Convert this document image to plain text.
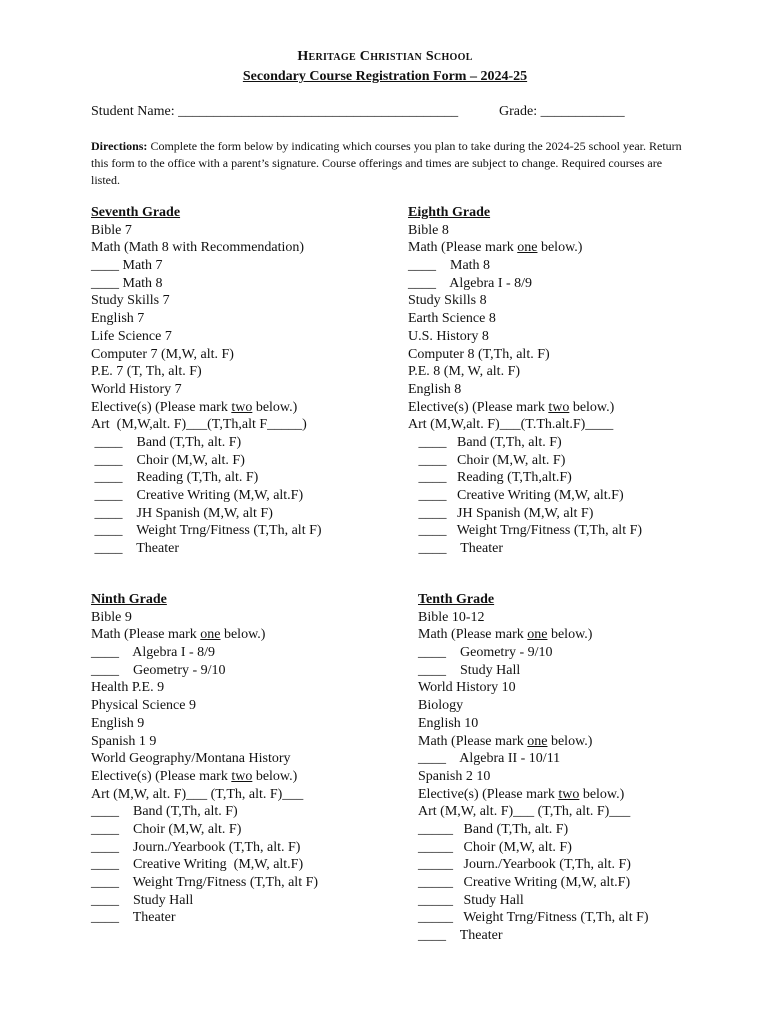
Heritage Christian School
Secondary Course Registration Form – 2024-25
Student Name: ________________________________________	Grade: ____________
Directions: Complete the form below by indicating which courses you plan to take during the 2024-25 school year. Return this form to the office with a parent’s signature. Course offerings and times are subject to change. Required courses are listed.
Seventh Grade
Bible 7
Math (Math 8 with Recommendation)
____ Math 7
____ Math 8
Study Skills 7
English 7
Life Science 7
Computer 7 (M,W, alt. F)
P.E. 7 (T, Th, alt. F)
World History 7
Elective(s) (Please mark two below.)
Art  (M,W,alt. F)___(T,Th,alt F_____)
____    Band (T,Th, alt. F)
____    Choir (M,W, alt. F)
____    Reading (T,Th, alt. F)
____    Creative Writing (M,W, alt.F)
____    JH Spanish (M,W, alt F)
____    Weight Trng/Fitness (T,Th, alt F)
____    Theater
Eighth Grade
Bible 8
Math (Please mark one below.)
____    Math 8
____    Algebra I - 8/9
Study Skills 8
Earth Science 8
U.S. History 8
Computer 8 (T,Th, alt. F)
P.E. 8 (M, W, alt. F)
English 8
Elective(s) (Please mark two below.)
Art (M,W,alt. F)___(T.Th.alt.F)____
____   Band (T,Th, alt. F)
____   Choir (M,W, alt. F)
____   Reading (T,Th,alt.F)
____   Creative Writing (M,W, alt.F)
____   JH Spanish (M,W, alt F)
____   Weight Trng/Fitness (T,Th, alt F)
____    Theater
Ninth Grade
Bible 9
Math (Please mark one below.)
____    Algebra I - 8/9
____    Geometry - 9/10
Health P.E. 9
Physical Science 9
English 9
Spanish 1 9
World Geography/Montana History
Elective(s) (Please mark two below.)
Art (M,W, alt. F)___ (T,Th, alt. F)___
____    Band (T,Th, alt. F)
____    Choir (M,W, alt. F)
____    Journ./Yearbook (T,Th, alt. F)
____    Creative Writing  (M,W, alt.F)
____    Weight Trng/Fitness (T,Th, alt F)
____    Study Hall
____    Theater
Tenth Grade
Bible 10-12
Math (Please mark one below.)
____    Geometry - 9/10
____    Study Hall
World History 10
Biology
English 10
Math (Please mark one below.)
____    Algebra II - 10/11
Spanish 2 10
Elective(s) (Please mark two below.)
Art (M,W, alt. F)___ (T,Th, alt. F)___
_____   Band (T,Th, alt. F)
_____   Choir (M,W, alt. F)
_____   Journ./Yearbook (T,Th, alt. F)
_____   Creative Writing (M,W, alt.F)
_____   Study Hall
_____   Weight Trng/Fitness (T,Th, alt F)
____    Theater
